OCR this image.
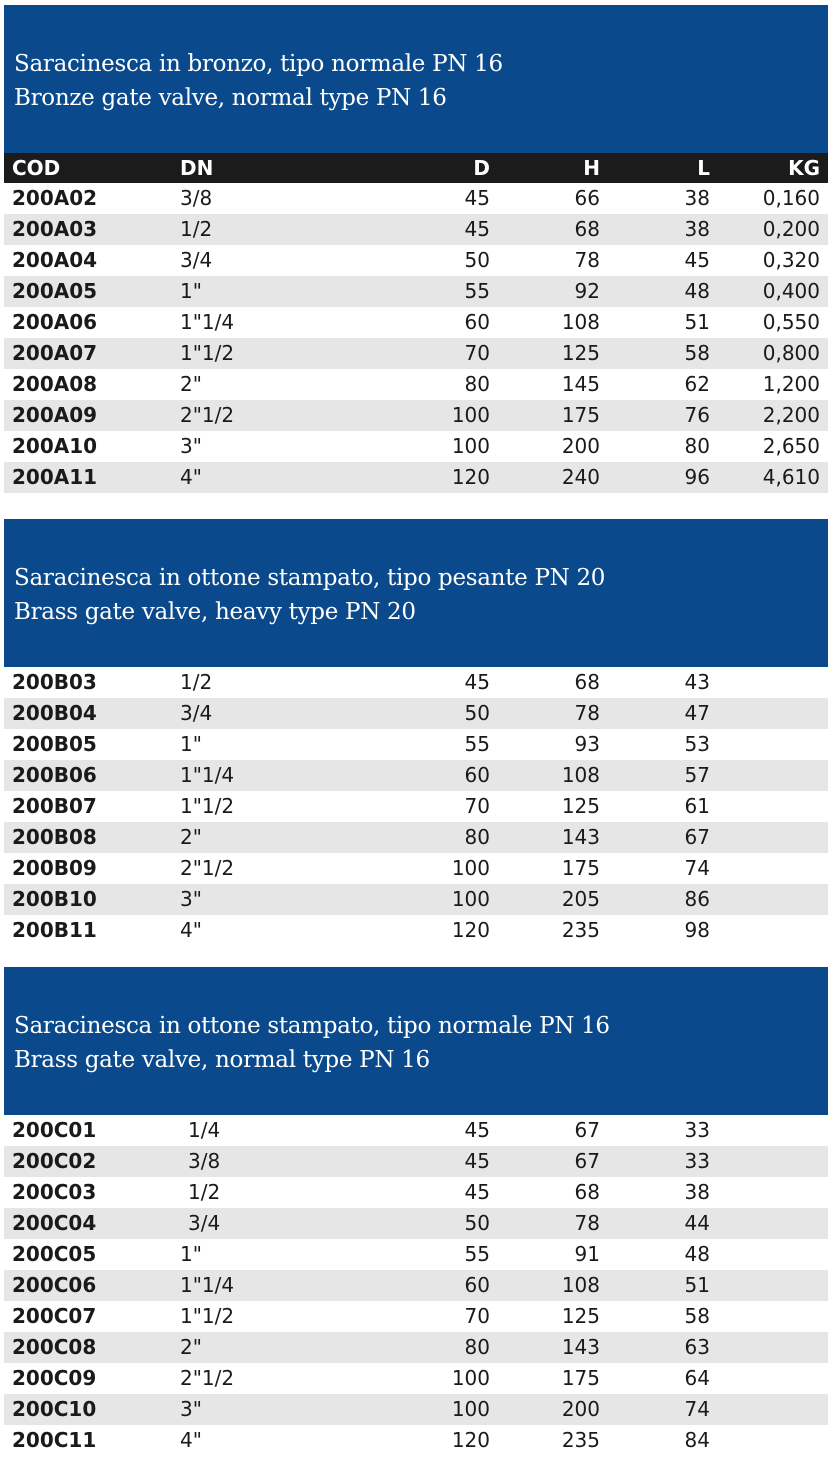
Saracinesca in bronzo, tipo normale PN 16
Bronze gate valve, normal type PN 16
COD	DN	D	H	L	KG
200A02	3/8	45	66	38	0,160
200A03	1/2	45	68	38	0,200
200A04	3/4	50	78	45	0,320
200A05	1"	55	92	48	0,400
200A06	1"1/4	60	108	51	0,550
200A07	1"1/2	70	125	58	0,800
200A08	2"	80	145	62	1,200
200A09	2"1/2	100	175	76	2,200
200A10	3"	100	200	80	2,650
200A11	4"	120	240	96	4,610
Saracinesca in ottone stampato, tipo pesante PN 20
Brass gate valve, heavy type PN 20
200B03	1/2	45	68	43
200B04	3/4	50	78	47
200B05	1"	55	93	53
200B06	1"1/4	60	108	57
200B07	1"1/2	70	125	61
200B08	2"	80	143	67
200B09	2"1/2	100	175	74
200B10	3"	100	205	86
200B11	4"	120	235	98
Saracinesca in ottone stampato, tipo normale PN 16
Brass gate valve, normal type PN 16
200C01	1/4	45	67	33
200C02	3/8	45	67	33
200C03	1/2	45	68	38
200C04	3/4	50	78	44
200C05	1"	55	91	48
200C06	1"1/4	60	108	51
200C07	1"1/2	70	125	58
200C08	2"	80	143	63
200C09	2"1/2	100	175	64
200C10	3"	100	200	74
200C11	4"	120	235	84
